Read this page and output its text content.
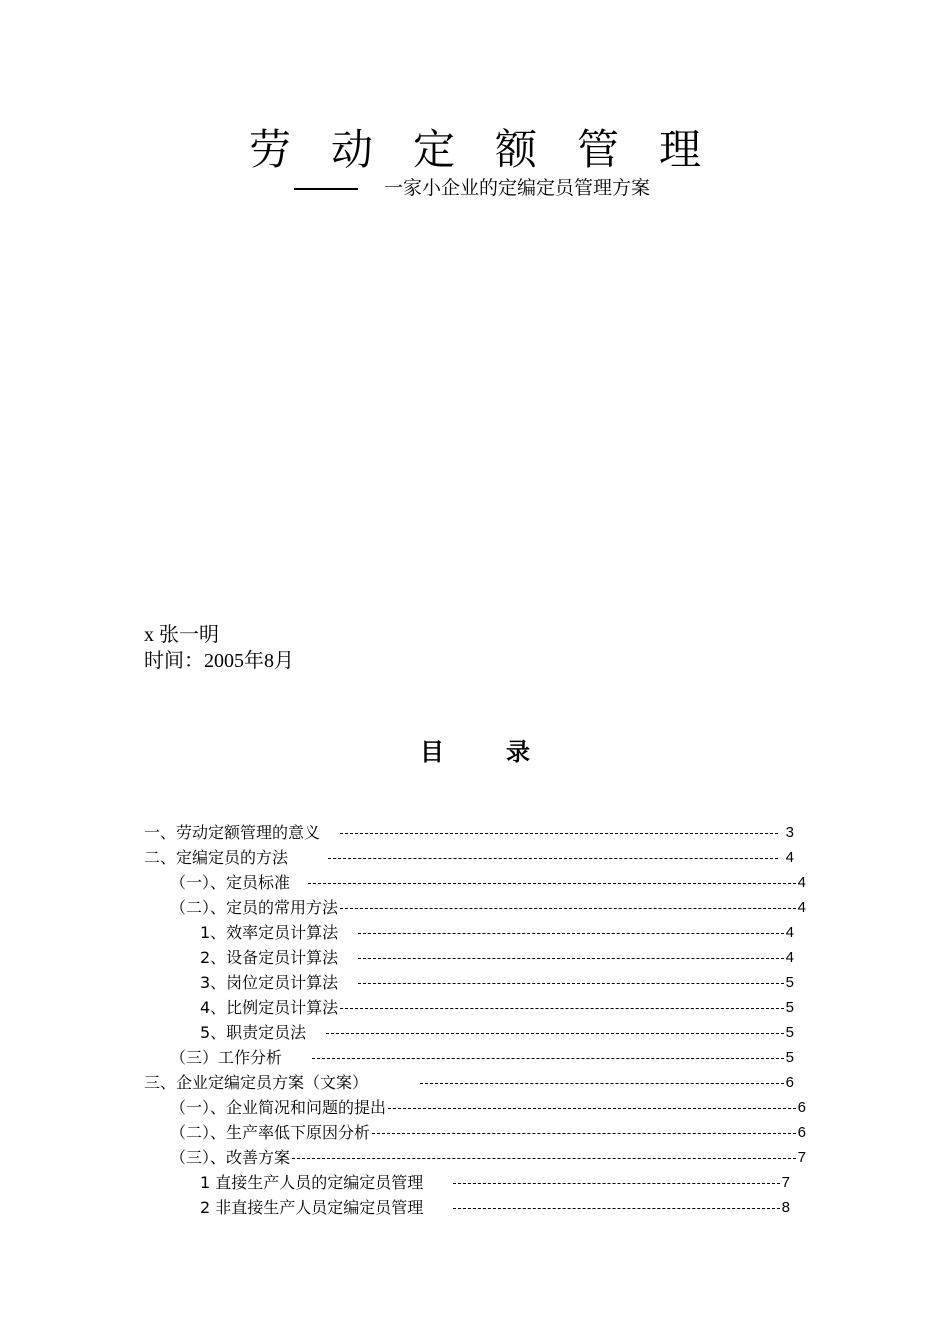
劳动定额管理
一家小企业的定编定员管理方案
x 张一明
时间：2005年8月
目	录
一、劳动定额管理的意义	3
二、定编定员的方法	4
（一）、定员标准	4
（二）、定员的常用方法	4
1、效率定员计算法	4
2、设备定员计算法	4
3、岗位定员计算法	5
4、比例定员计算法	5
5、职责定员法	5
（三）工作分析	5
三、企业定编定员方案（文案）	6
（一）、企业简况和问题的提出	6
（二）、生产率低下原因分析	6
（三）、改善方案	7
1 直接生产人员的定编定员管理	7
2 非直接生产人员定编定员管理	8
